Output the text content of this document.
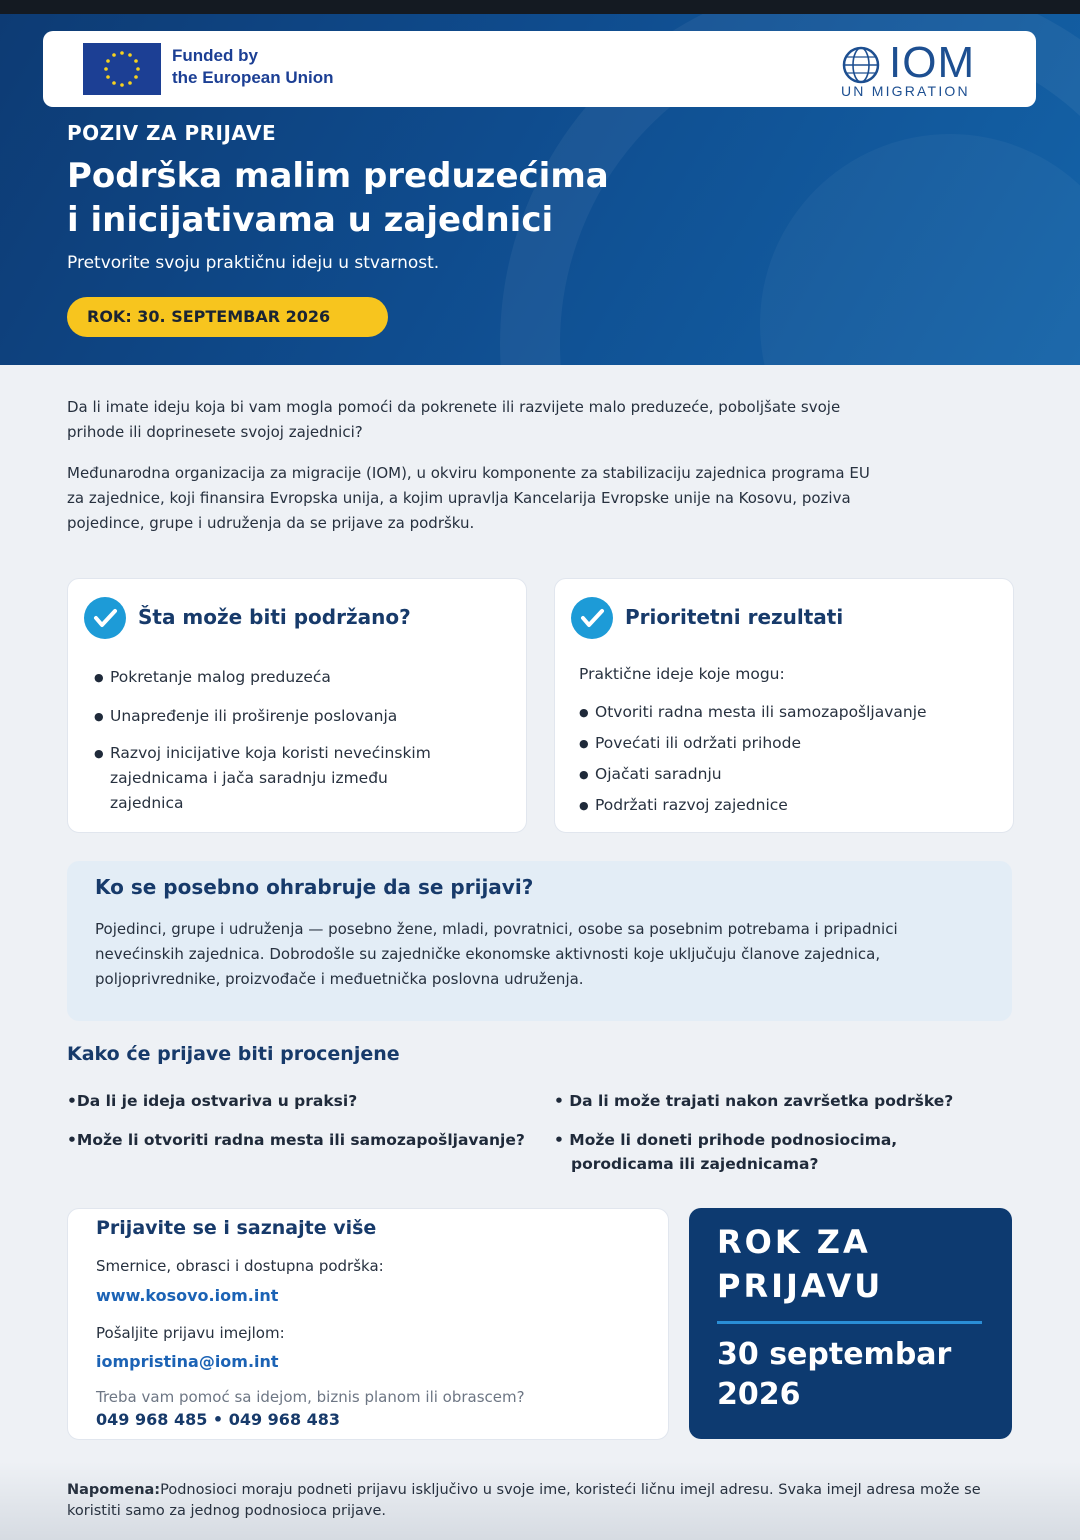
Funded by
the European Union	IOM
UN MIGRATION
POZIV ZA PRIJAVE
Podrška malim preduzećima
i inicijativama u zajednici
Pretvorite svoju praktičnu ideju u stvarnost.
ROK: 30. SEPTEMBAR 2026

Da li imate ideju koja bi vam mogla pomoći da pokrenete ili razvijete malo preduzeće, poboljšate svoje prihode ili doprinesete svojoj zajednici?

Međunarodna organizacija za migracije (IOM), u okviru komponente za stabilizaciju zajednica programa EU za zajednice, koji finansira Evropska unija, a kojim upravlja Kancelarija Evropske unije na Kosovu, poziva pojedince, grupe i udruženja da se prijave za podršku.

Šta može biti podržano?
● Pokretanje malog preduzeća
● Unapređenje ili proširenje poslovanja
● Razvoj inicijative koja koristi nevećinskim zajednicama i jača saradnju između zajednica
Prioritetni rezultati
Praktične ideje koje mogu:
● Otvoriti radna mesta ili samozapošljavanje
● Povećati ili održati prihode
● Ojačati saradnju
● Podržati razvoj zajednice
Ko se posebno ohrabruje da se prijavi?

Pojedinci, grupe i udruženja — posebno žene, mladi, povratnici, osobe sa posebnim potrebama i pripadnici nevećinskih zajednica. Dobrodošle su zajedničke ekonomske aktivnosti koje uključuju članove zajednica, poljoprivrednike, proizvođače i međuetnička poslovna udruženja.

Kako će prijave biti procenjene
•Da li je ideja ostvariva u praksi?
•Može li otvoriti radna mesta ili samozapošljavanje?
• Da li može trajati nakon završetka podrške?
• Može li doneti prihode podnosiocima,
porodicama ili zajednicama?
Prijavite se i saznajte više
Smernice, obrasci i dostupna podrška:
www.kosovo.iom.int
Pošaljite prijavu imejlom:
iompristina@iom.int
Treba vam pomoć sa idejom, biznis planom ili obrascem?
049 968 485 • 049 968 483
ROK ZA PRIJAVU
30 septembar 2026
Napomena:Podnosioci moraju podneti prijavu isključivo u svoje ime, koristeći ličnu imejl adresu. Svaka imejl adresa može se koristiti samo za jednog podnosioca prijave.
